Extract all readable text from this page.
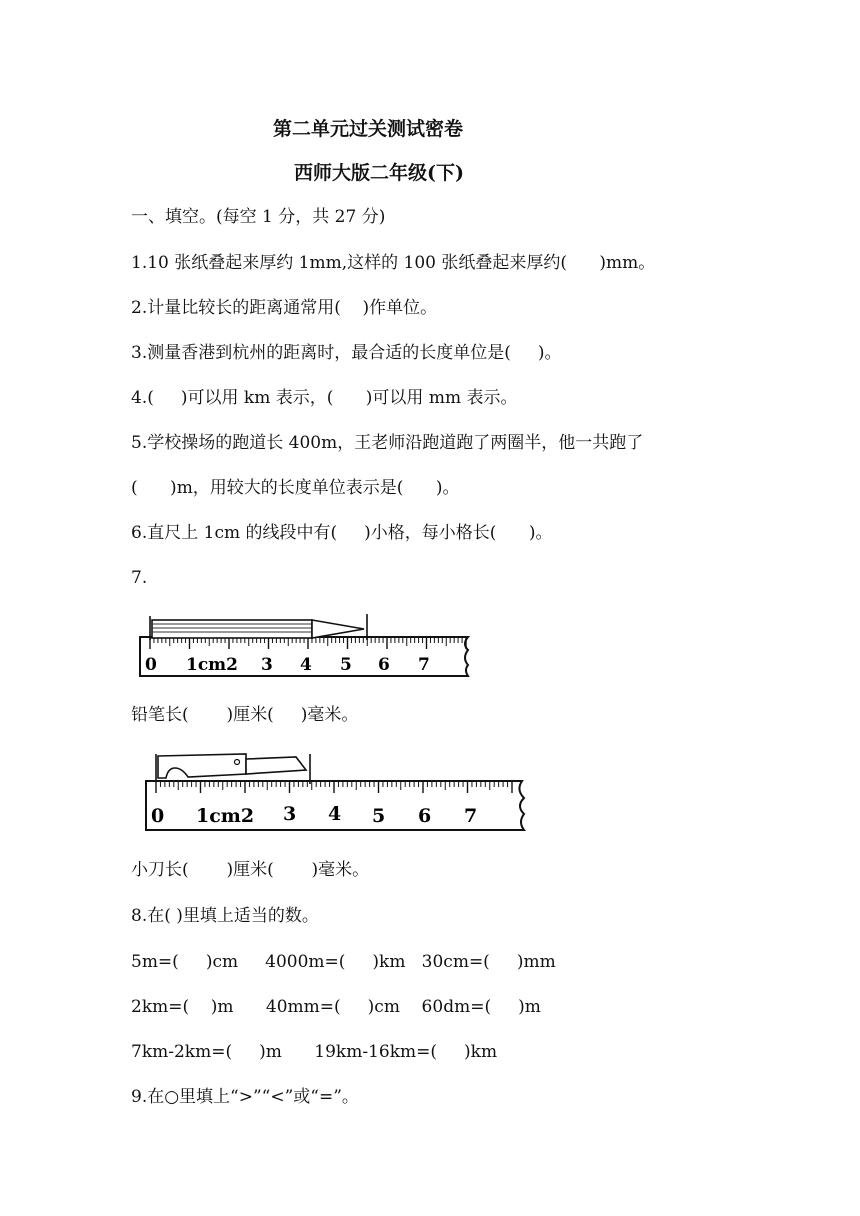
第二单元过关测试密卷
西师大版二年级(下)
一、填空。(每空 1 分，共 27 分)
1.10 张纸叠起来厚约 1mm,这样的 100 张纸叠起来厚约(      )mm。
2.计量比较长的距离通常用(    )作单位。
3.测量香港到杭州的距离时，最合适的长度单位是(     )。
4.(     )可以用 km 表示，(      )可以用 mm 表示。
5.学校操场的跑道长 400m，王老师沿跑道跑了两圈半，他一共跑了
(      )m，用较大的长度单位表示是(      )。
6.直尺上 1cm 的线段中有(     )小格，每小格长(      )。
7.
0 1cm2 3 4 5 6 7
铅笔长(       )厘米(     )毫米。
0 1cm2 3 4 5 6 7
小刀长(       )厘米(       )毫米。
8.在( )里填上适当的数。
5m=(     )cm     4000m=(     )km   30cm=(     )mm
2km=(    )m      40mm=(     )cm    60dm=(     )m
7km-2km=(     )m      19km-16km=(     )km
9.在○里填上“>”“<”或“=”。
